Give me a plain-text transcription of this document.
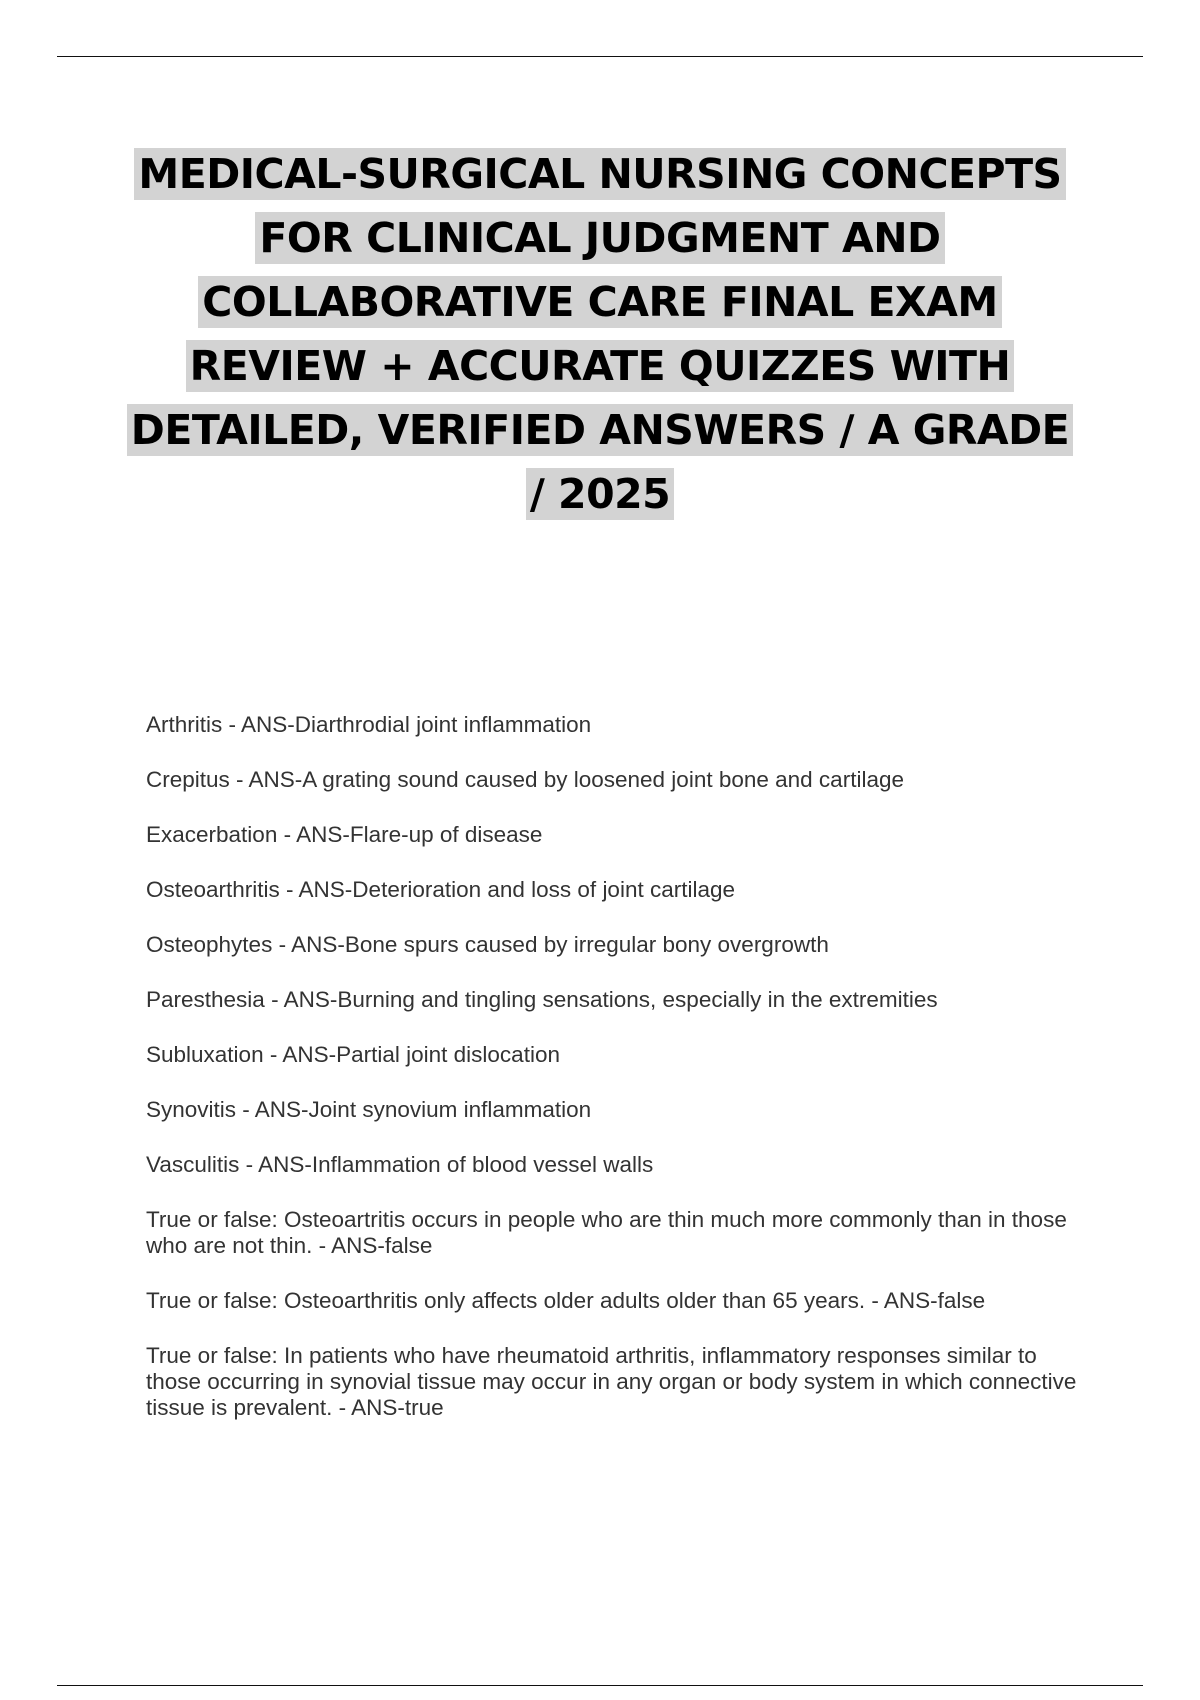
MEDICAL-SURGICAL NURSING CONCEPTS FOR CLINICAL JUDGMENT AND COLLABORATIVE CARE FINAL EXAM REVIEW + ACCURATE QUIZZES WITH DETAILED, VERIFIED ANSWERS / A GRADE / 2025
Arthritis - ANS-Diarthrodial joint inflammation
Crepitus - ANS-A grating sound caused by loosened joint bone and cartilage
Exacerbation - ANS-Flare-up of disease
Osteoarthritis - ANS-Deterioration and loss of joint cartilage
Osteophytes - ANS-Bone spurs caused by irregular bony overgrowth
Paresthesia - ANS-Burning and tingling sensations, especially in the extremities
Subluxation - ANS-Partial joint dislocation
Synovitis - ANS-Joint synovium inflammation
Vasculitis - ANS-Inflammation of blood vessel walls
True or false: Osteoartritis occurs in people who are thin much more commonly than in those who are not thin. - ANS-false
True or false: Osteoarthritis only affects older adults older than 65 years. - ANS-false
True or false: In patients who have rheumatoid arthritis, inflammatory responses similar to those occurring in synovial tissue may occur in any organ or body system in which connective tissue is prevalent. - ANS-true
